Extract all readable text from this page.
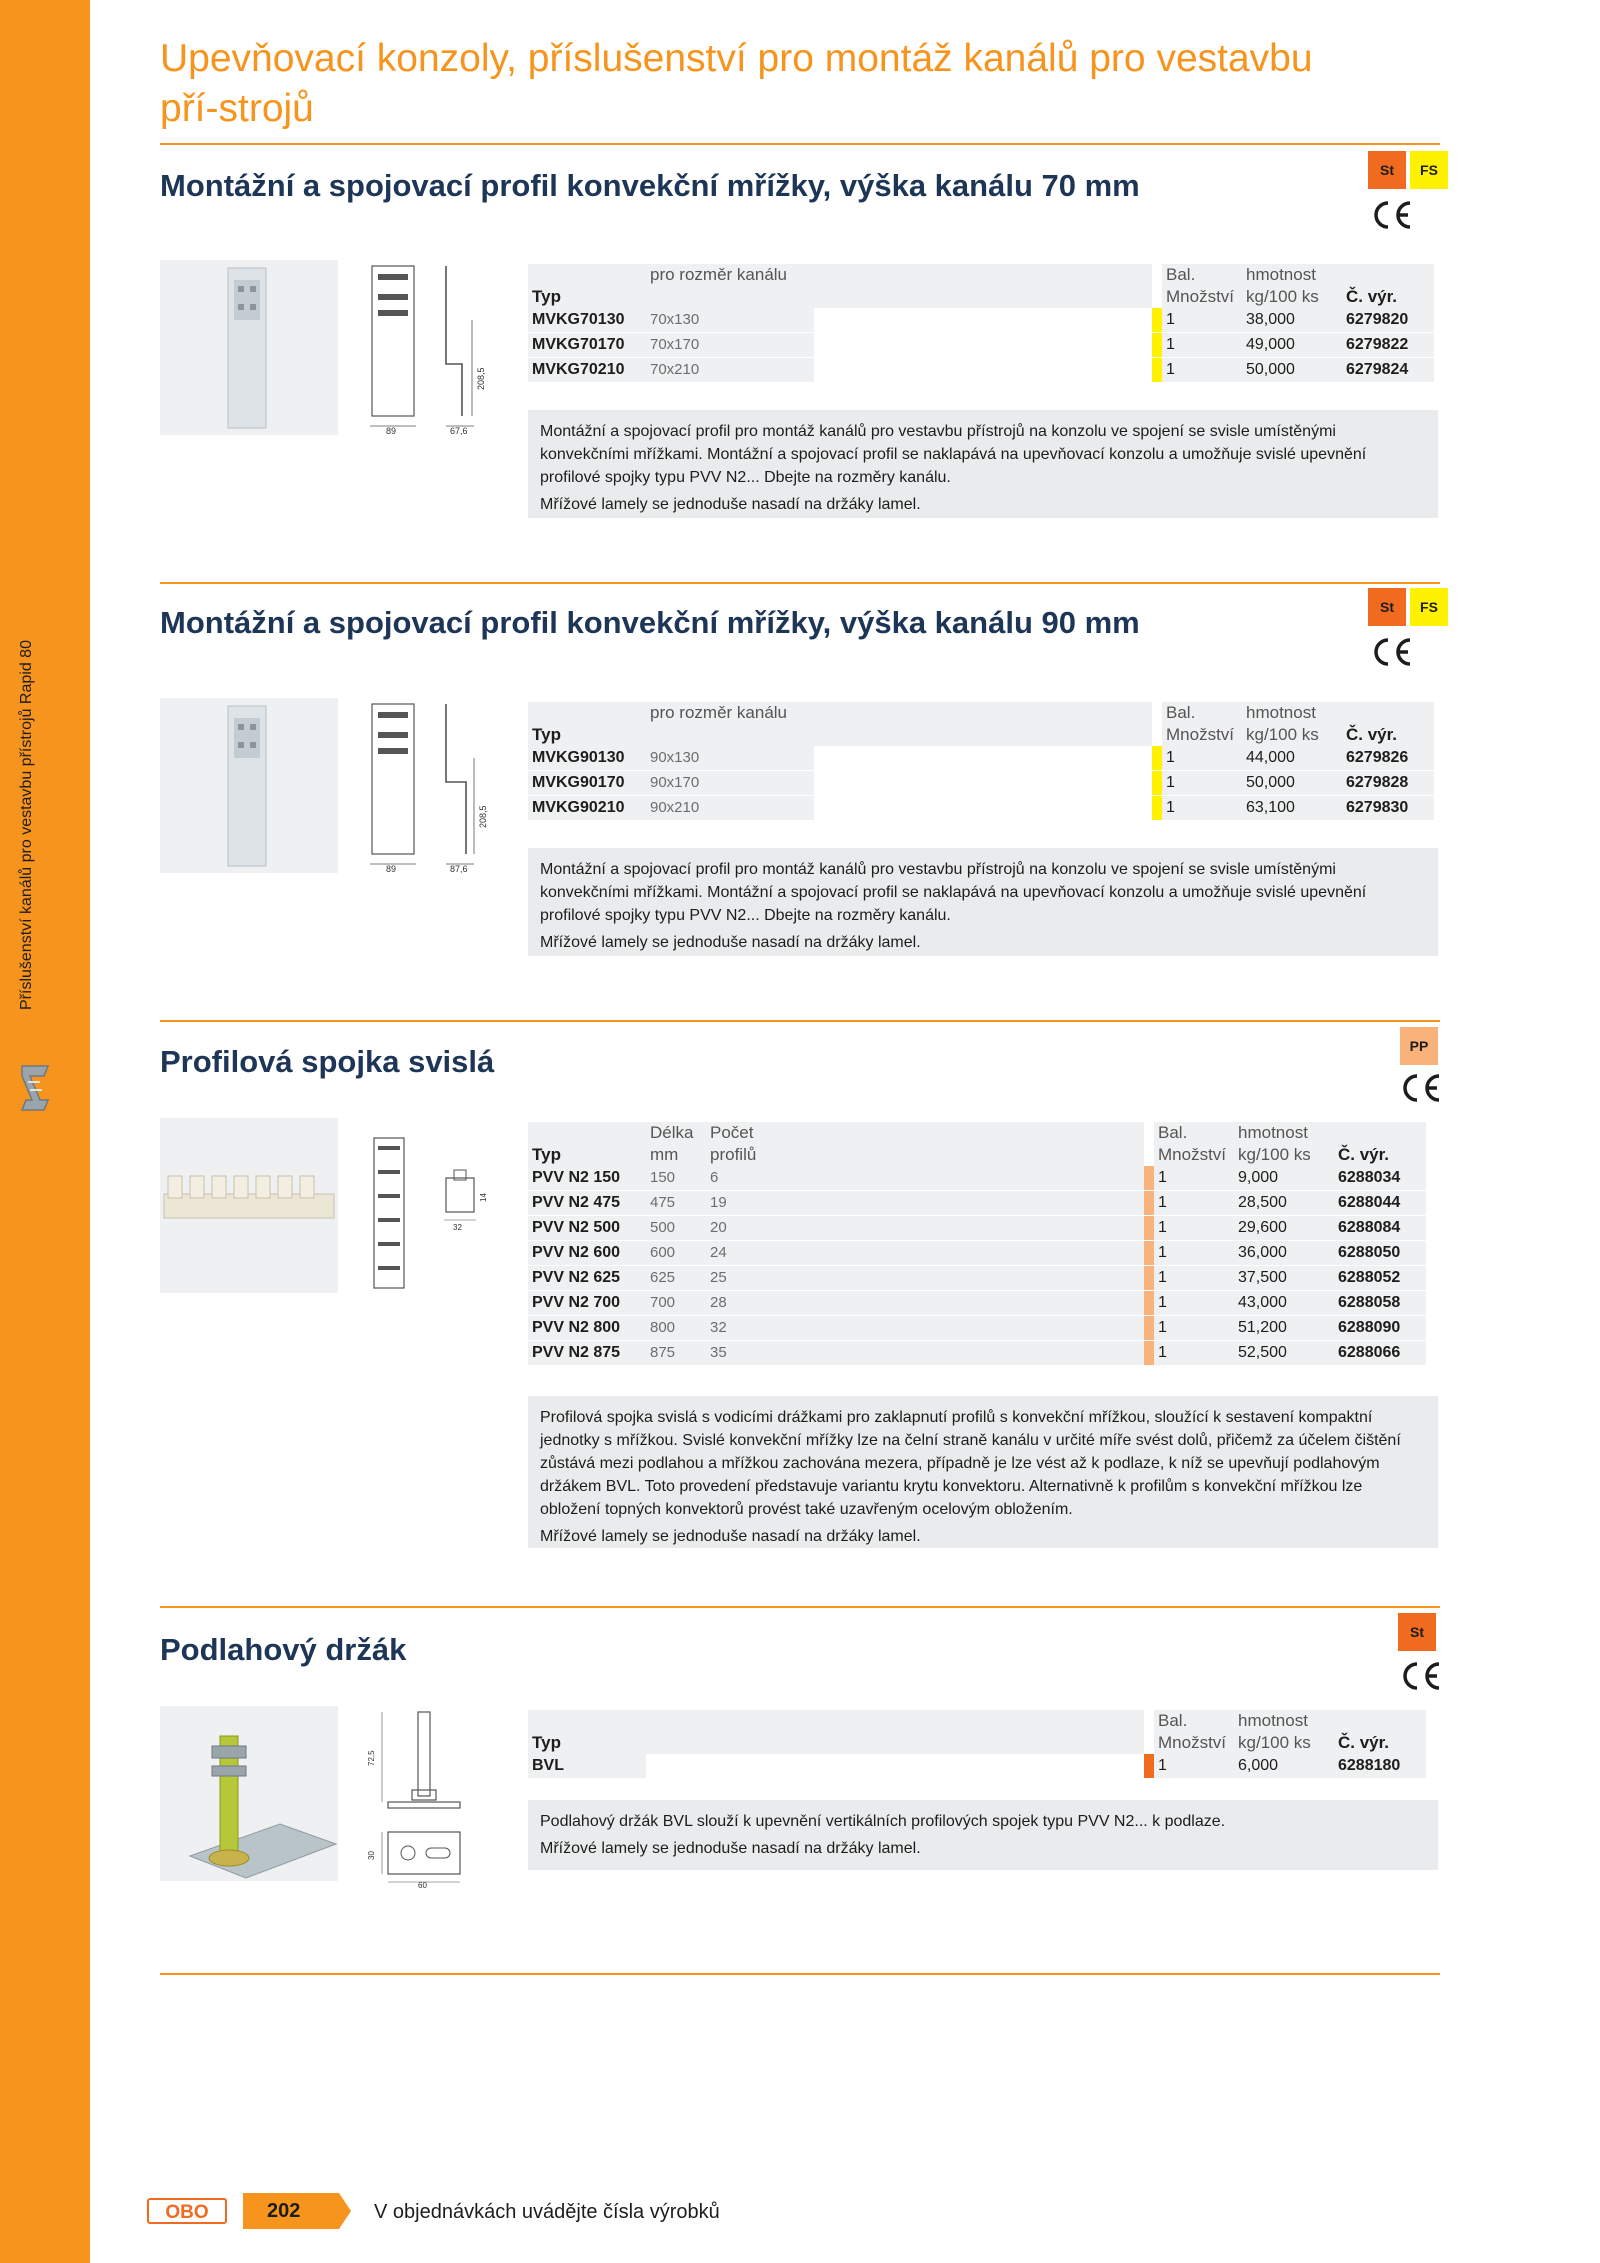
Příslušenství kanálů pro vestavbu přístrojů Rapid 80
Upevňovací konzoly, příslušenství pro montáž kanálů pro vestavbu pří-strojů
Montážní a spojovací profil konvekční mřížky, výška kanálu 70 mm	St	FS
89	67,6
208,5
	pro rozměr kanálu			Bal.	hmotnost	
Typ				Množství	kg/100 ks	Č. výr.
MVKG70130	70x130			1	38,000	6279820
MVKG70170	70x170			1	49,000	6279822
MVKG70210	70x210			1	50,000	6279824

Montážní a spojovací profil pro montáž kanálů pro vestavbu přístrojů na konzolu ve spojení se svisle umístěnými konvekčními mřížkami. Montážní a spojovací profil se naklapává na upevňovací konzolu a umožňuje svislé upevnění profilové spojky typu PVV N2... Dbejte na rozměry kanálu.

Mřížové lamely se jednoduše nasadí na držáky lamel.

Montážní a spojovací profil konvekční mřížky, výška kanálu 90 mm	St	FS
89	87,6
208,5
	pro rozměr kanálu			Bal.	hmotnost	
Typ				Množství	kg/100 ks	Č. výr.
MVKG90130	90x130			1	44,000	6279826
MVKG90170	90x170			1	50,000	6279828
MVKG90210	90x210			1	63,100	6279830

Montážní a spojovací profil pro montáž kanálů pro vestavbu přístrojů na konzolu ve spojení se svisle umístěnými konvekčními mřížkami. Montážní a spojovací profil se naklapává na upevňovací konzolu a umožňuje svislé upevnění profilové spojky typu PVV N2... Dbejte na rozměry kanálu.

Mřížové lamely se jednoduše nasadí na držáky lamel.

Profilová spojka svislá	PP
32
14
	Délka	Počet		Bal.	hmotnost	
Typ	mm	profilů		Množství	kg/100 ks	Č. výr.
PVV N2 150	150	6		1	9,000	6288034
PVV N2 475	475	19		1	28,500	6288044
PVV N2 500	500	20		1	29,600	6288084
PVV N2 600	600	24		1	36,000	6288050
PVV N2 625	625	25		1	37,500	6288052
PVV N2 700	700	28		1	43,000	6288058
PVV N2 800	800	32		1	51,200	6288090
PVV N2 875	875	35		1	52,500	6288066

Profilová spojka svislá s vodicími drážkami pro zaklapnutí profilů s konvekční mřížkou, sloužící k sestavení kompaktní jednotky s mřížkou. Svislé konvekční mřížky lze na čelní straně kanálu v určité míře svést dolů, přičemž za účelem čištění zůstává mezi podlahou a mřížkou zachována mezera, případně je lze vést až k podlaze, k níž se upevňují podlahovým držákem BVL. Toto provedení představuje variantu krytu konvektoru. Alternativně k profilům s konvekční mřížkou lze obložení topných konvektorů provést také uzavřeným ocelovým obložením.

Mřížové lamely se jednoduše nasadí na držáky lamel.

Podlahový držák	St
72,5
30
60
			Bal.	hmotnost	
Typ			Množství	kg/100 ks	Č. výr.
BVL			1	6,000	6288180

Podlahový držák BVL slouží k upevnění vertikálních profilových spojek typu PVV N2... k podlaze.

Mřížové lamely se jednoduše nasadí na držáky lamel.

OBO	202	V objednávkách uvádějte čísla výrobků
